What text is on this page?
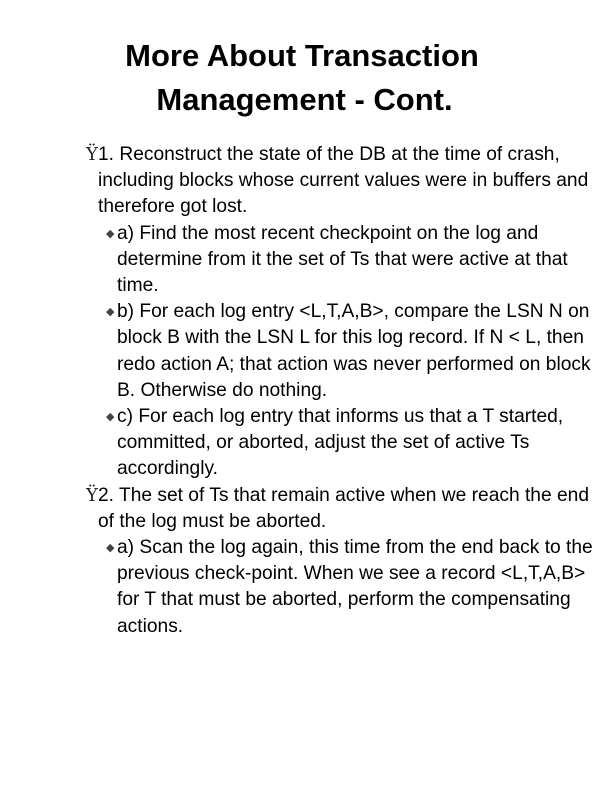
More About Transaction
Management - Cont.
Ÿ 1. Reconstruct the state of the DB at the time of crash, including blocks whose current values were in buffers and therefore got lost.
◆ a) Find the most recent checkpoint on the log and determine from it the set of Ts that were active at that time.
◆ b) For each log entry <L,T,A,B>, compare the LSN N on block B with the LSN L for this log record. If N < L, then redo action A; that action was never performed on block B. Otherwise do nothing.
◆ c) For each log entry that informs us that a T started, committed, or aborted, adjust the set of active Ts accordingly.
Ÿ 2. The set of Ts that remain active when we reach the end of the log must be aborted.
◆ a) Scan the log again, this time from the end back to the previous check-point. When we see a record <L,T,A,B> for T that must be aborted, perform the compensating actions.
